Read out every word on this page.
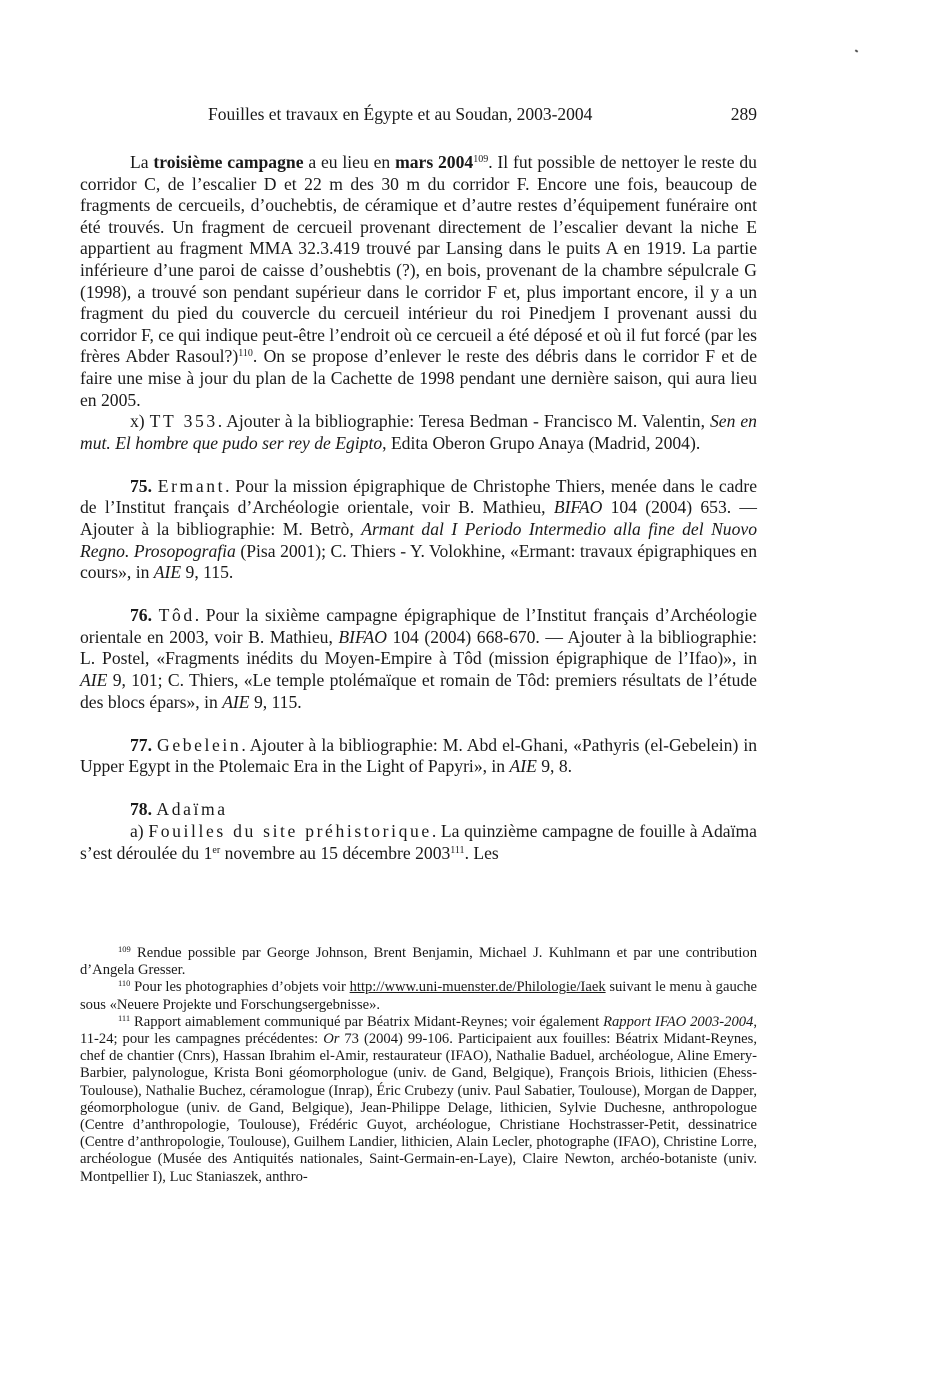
Fouilles et travaux en Égypte et au Soudan, 2003-2004	289

La troisième campagne a eu lieu en mars 2004$^{109}$. Il fut possible de nettoyer le reste du corridor C, de l’escalier D et 22 m des 30 m du corridor F. Encore une fois, beaucoup de fragments de cercueils, d’ouchebtis, de céramique et d’autre restes d’équipement funéraire ont été trouvés. Un fragment de cercueil provenant directement de l’escalier devant la niche E appartient au fragment MMA 32.3.419 trouvé par Lansing dans le puits A en 1919. La partie inférieure d’une paroi de caisse d’oushebtis (?), en bois, provenant de la chambre sépulcrale G (1998), a trouvé son pendant supérieur dans le corridor F et, plus important encore, il y a un fragment du pied du couvercle du cercueil intérieur du roi Pinedjem I provenant aussi du corridor F, ce qui indique peut-être l’endroit où ce cercueil a été déposé et où il fut forcé (par les frères Abder Rasoul?)$^{110}$. On se propose d’enlever le reste des débris dans le corridor F et de faire une mise à jour du plan de la Cachette de 1998 pendant une dernière saison, qui aura lieu en 2005.

x) TT 353. Ajouter à la bibliographie: Teresa Bedman - Francisco M. Valentin, Sen en mut. El hombre que pudo ser rey de Egipto, Edita Oberon Grupo Anaya (Madrid, 2004).

75. Ermant. Pour la mission épigraphique de Christophe Thiers, menée dans le cadre de l’Institut français d’Archéologie orientale, voir B. Mathieu, BIFAO 104 (2004) 653. — Ajouter à la bibliographie: M. Betrò, Armant dal I Periodo Intermedio alla fine del Nuovo Regno. Prosopografia (Pisa 2001); C. Thiers - Y. Volokhine, «Ermant: travaux épigraphiques en cours», in AIE 9, 115.

76. Tôd. Pour la sixième campagne épigraphique de l’Institut français d’Archéologie orientale en 2003, voir B. Mathieu, BIFAO 104 (2004) 668-670. — Ajouter à la bibliographie: L. Postel, «Fragments inédits du Moyen-Empire à Tôd (mission épigraphique de l’Ifao)», in AIE 9, 101; C. Thiers, «Le temple ptolémaïque et romain de Tôd: premiers résultats de l’étude des blocs épars», in AIE 9, 115.

77. Gebelein. Ajouter à la bibliographie: M. Abd el-Ghani, «Pathyris (el-Gebelein) in Upper Egypt in the Ptolemaic Era in the Light of Papyri», in AIE 9, 8.

78. Adaïma

a) Fouilles du site préhistorique. La quinzième campagne de fouille à Adaïma s’est déroulée du 1er novembre au 15 décembre 2003$^{111}$. Les

$^{109}$ Rendue possible par George Johnson, Brent Benjamin, Michael J. Kuhlmann et par une contribution d’Angela Gresser.

$^{110}$ Pour les photographies d’objets voir http://www.uni-muenster.de/Philologie/Iaek suivant le menu à gauche sous «Neuere Projekte und Forschungsergebnisse».

$^{111}$ Rapport aimablement communiqué par Béatrix Midant-Reynes; voir également Rapport IFAO 2003-2004, 11-24; pour les campagnes précédentes: Or 73 (2004) 99-106. Participaient aux fouilles: Béatrix Midant-Reynes, chef de chantier (Cnrs), Hassan Ibrahim el-Amir, restaurateur (IFAO), Nathalie Baduel, archéologue, Aline Emery-Barbier, palynologue, Krista Boni géomorphologue (univ. de Gand, Belgique), François Briois, lithicien (Ehess-Toulouse), Nathalie Buchez, céramologue (Inrap), Éric Crubezy (univ. Paul Sabatier, Toulouse), Morgan de Dapper, géomorphologue (univ. de Gand, Belgique), Jean-Philippe Delage, lithicien, Sylvie Duchesne, anthropologue (Centre d’anthropologie, Toulouse), Frédéric Guyot, archéologue, Christiane Hochstrasser-Petit, dessinatrice (Centre d’anthropologie, Toulouse), Guilhem Landier, lithicien, Alain Lecler, photographe (IFAO), Christine Lorre, archéologue (Musée des Antiquités nationales, Saint-Germain-en-Laye), Claire Newton, archéo-botaniste (univ. Montpellier I), Luc Staniaszek, anthro-
